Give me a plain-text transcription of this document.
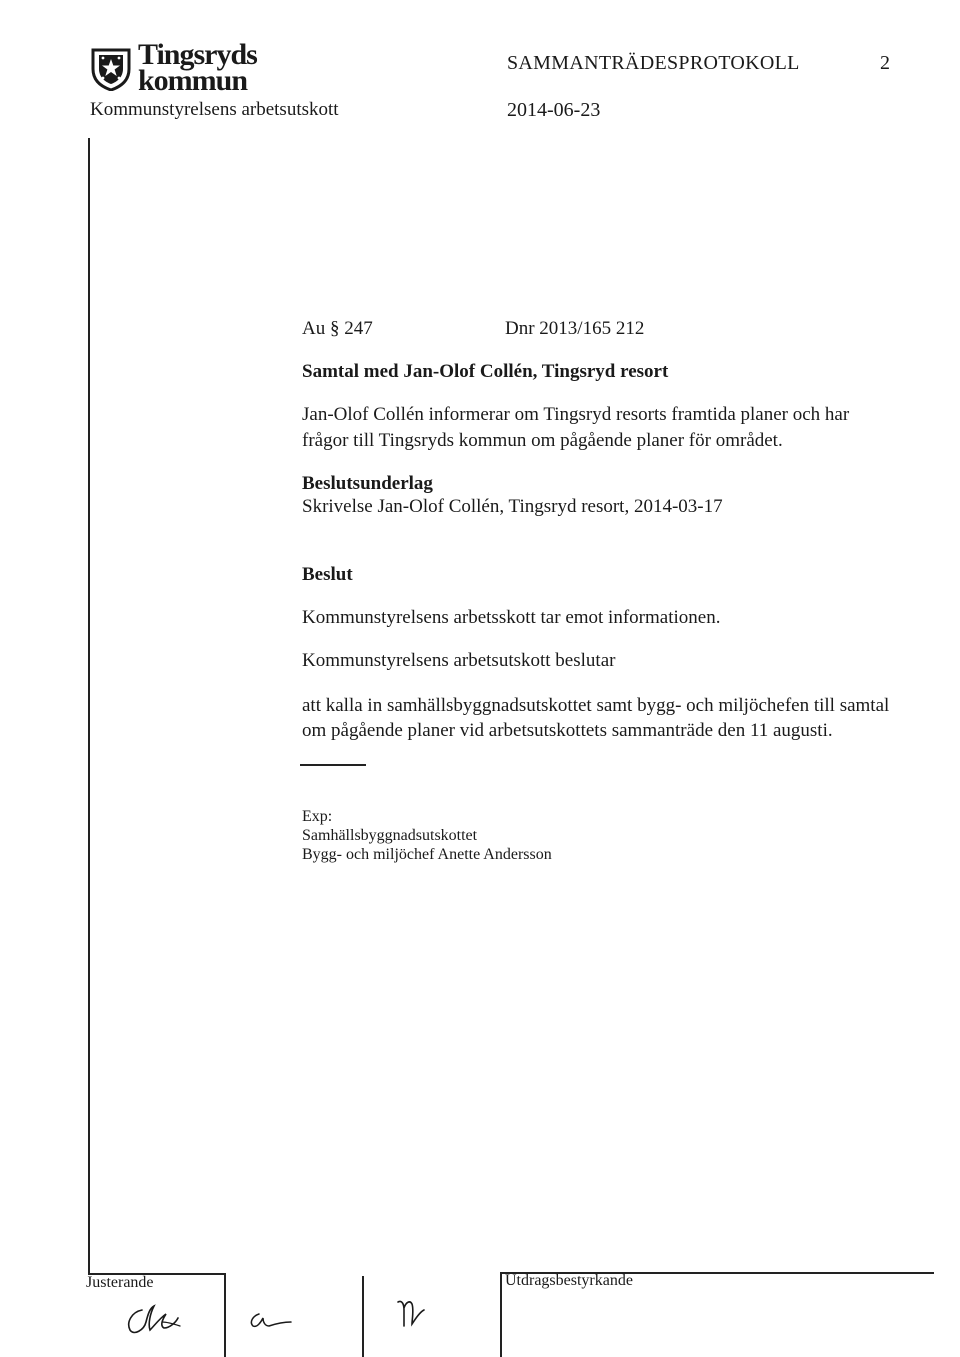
Tingsryds
kommun
Kommunstyrelsens arbetsutskott
SAMMANTRÄDESPROTOKOLL	2
2014-06-23
Au § 247	Dnr 2013/165 212
Samtal med Jan-Olof Collén, Tingsryd resort
Jan-Olof Collén informerar om Tingsryd resorts framtida planer och har
frågor till Tingsryds kommun om pågående planer för området.
Beslutsunderlag
Skrivelse Jan-Olof Collén, Tingsryd resort, 2014-03-17
Beslut
Kommunstyrelsens arbetsskott tar emot informationen.
Kommunstyrelsens arbetsutskott beslutar
att kalla in samhällsbyggnadsutskottet samt bygg- och miljöchefen till samtal
om pågående planer vid arbetsutskottets sammanträde den 11 augusti.
Exp:
Samhällsbyggnadsutskottet
Bygg- och miljöchef Anette Andersson
Justerande	Utdragsbestyrkande
